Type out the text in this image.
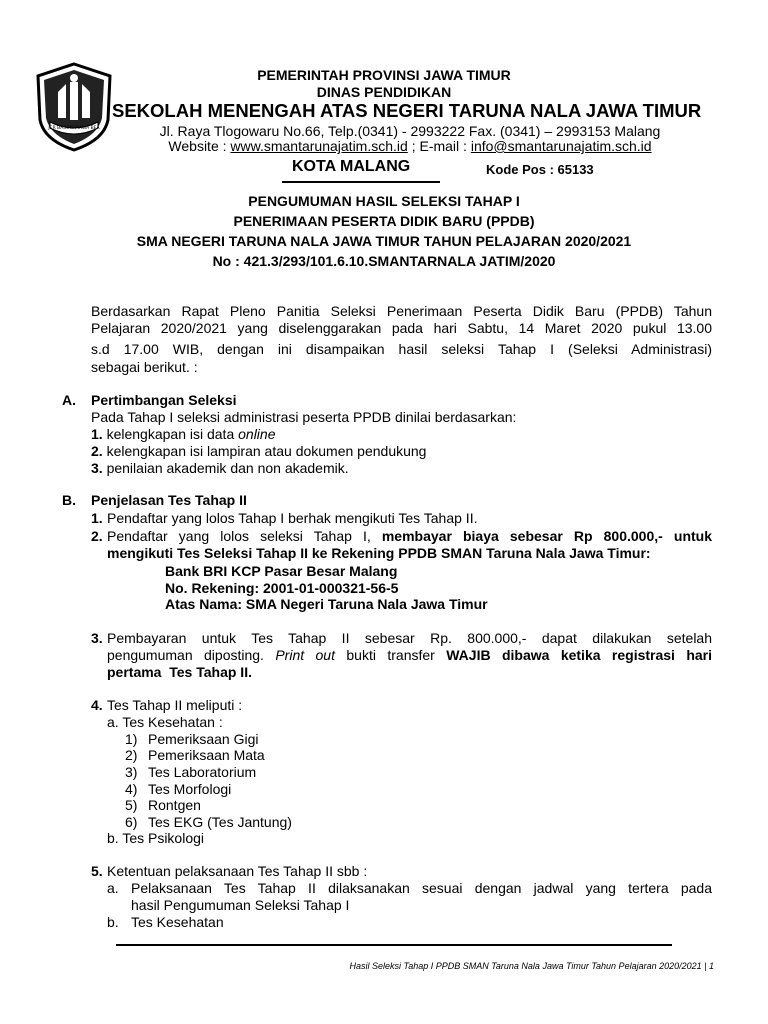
JER BASUKI MAWA BEA
PEMERINTAH PROVINSI JAWA TIMUR
DINAS PENDIDIKAN
SEKOLAH MENENGAH ATAS NEGERI TARUNA NALA JAWA TIMUR
Jl. Raya Tlogowaru No.66, Telp.(0341) - 2993222 Fax. (0341) – 2993153 Malang
Website : www.smantarunajatim.sch.id ; E-mail : info@smantarunajatim.sch.id
KOTA MALANG	Kode Pos : 65133
PENGUMUMAN HASIL SELEKSI TAHAP I
PENERIMAAN PESERTA DIDIK BARU (PPDB)
SMA NEGERI TARUNA NALA JAWA TIMUR TAHUN PELAJARAN 2020/2021
No : 421.3/293/101.6.10.SMANTARNALA JATIM/2020
Berdasarkan Rapat Pleno Panitia Seleksi Penerimaan Peserta Didik Baru (PPDB) Tahun
Pelajaran 2020/2021 yang diselenggarakan pada hari Sabtu, 14 Maret 2020 pukul 13.00
s.d 17.00 WIB, dengan ini disampaikan hasil seleksi Tahap I (Seleksi Administrasi)
sebagai berikut. :
A. Pertimbangan Seleksi
Pada Tahap I seleksi administrasi peserta PPDB dinilai berdasarkan:
1. kelengkapan isi data online
2. kelengkapan isi lampiran atau dokumen pendukung
3. penilaian akademik dan non akademik.
B. Penjelasan Tes Tahap II
1. Pendaftar yang lolos Tahap I berhak mengikuti Tes Tahap II.
2. Pendaftar yang lolos seleksi Tahap I, membayar biaya sebesar Rp 800.000,- untuk
mengikuti Tes Seleksi Tahap II ke Rekening PPDB SMAN Taruna Nala Jawa Timur:
Bank BRI KCP Pasar Besar Malang
No. Rekening: 2001-01-000321-56-5
Atas Nama: SMA Negeri Taruna Nala Jawa Timur
3. Pembayaran untuk Tes Tahap II sebesar Rp. 800.000,- dapat dilakukan setelah
pengumuman diposting. Print out bukti transfer WAJIB dibawa ketika registrasi hari
pertama  Tes Tahap II.
4. Tes Tahap II meliputi :
a. Tes Kesehatan :
1) Pemeriksaan Gigi
2) Pemeriksaan Mata
3) Tes Laboratorium
4) Tes Morfologi
5) Rontgen
6) Tes EKG (Tes Jantung)
b. Tes Psikologi
5. Ketentuan pelaksanaan Tes Tahap II sbb :
a. Pelaksanaan Tes Tahap II dilaksanakan sesuai dengan jadwal yang tertera pada
hasil Pengumuman Seleksi Tahap I
b. Tes Kesehatan
Hasil Seleksi Tahap I PPDB SMAN Taruna Nala Jawa Timur Tahun Pelajaran 2020/2021 | 1
